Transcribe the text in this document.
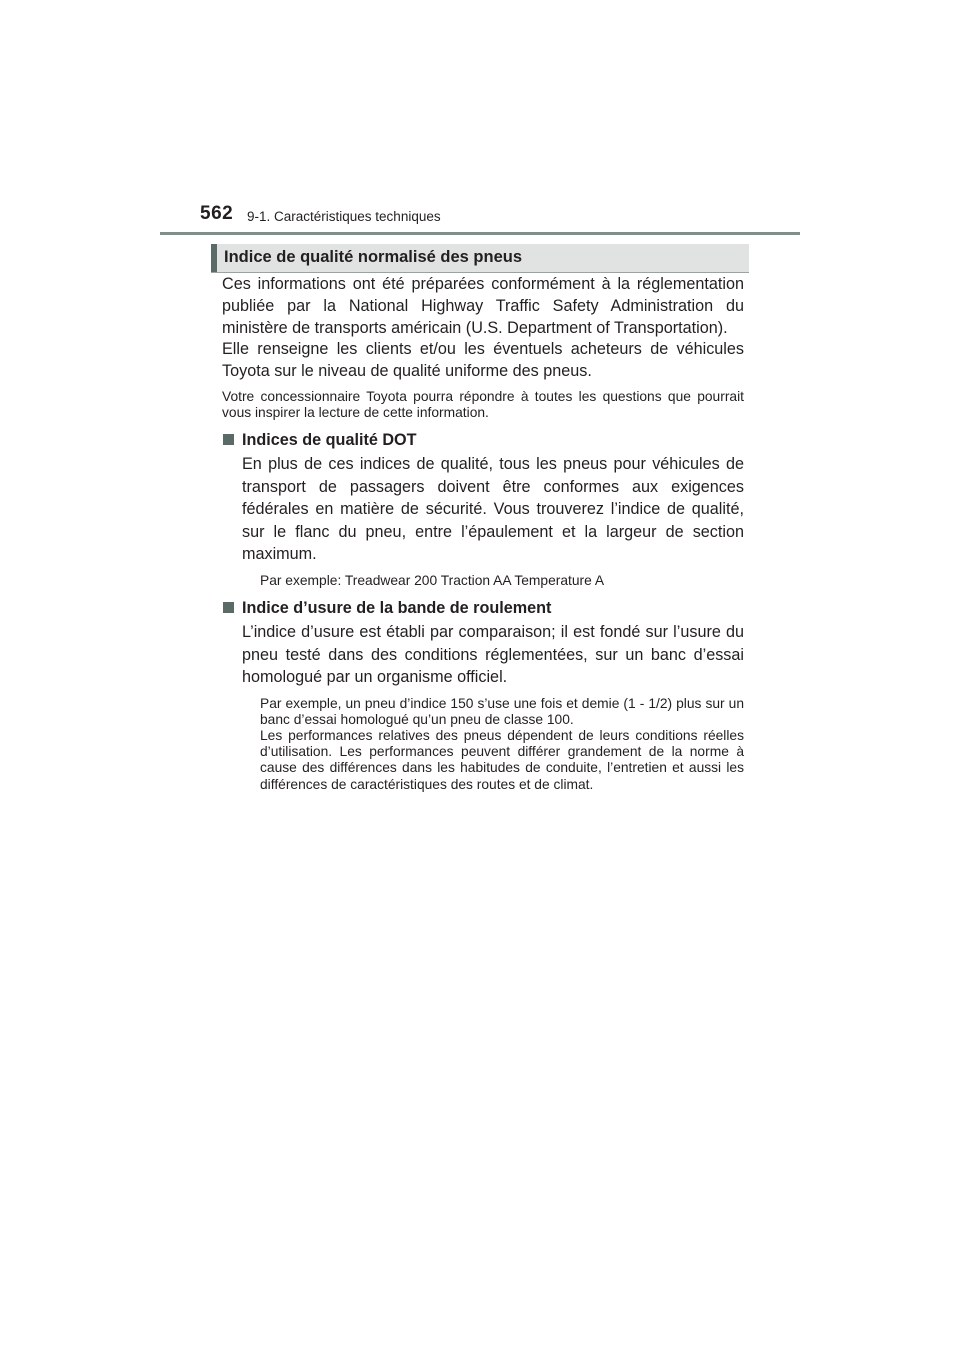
562 9-1. Caractéristiques techniques
Indice de qualité normalisé des pneus

Ces informations ont été préparées conformément à la réglementation publiée par la National Highway Traffic Safety Administration du ministère de transports américain (U.S. Department of Transportation).

Elle renseigne les clients et/ou les éventuels acheteurs de véhicules Toyota sur le niveau de qualité uniforme des pneus.

Votre concessionnaire Toyota pourra répondre à toutes les questions que pourrait vous inspirer la lecture de cette information.

Indices de qualité DOT

En plus de ces indices de qualité, tous les pneus pour véhicules de transport de passagers doivent être conformes aux exigences fédérales en matière de sécurité. Vous trouverez l’indice de qualité, sur le flanc du pneu, entre l’épaulement et la largeur de section maximum.

Par exemple: Treadwear 200 Traction AA Temperature A

Indice d’usure de la bande de roulement

L’indice d’usure est établi par comparaison; il est fondé sur l’usure du pneu testé dans des conditions réglementées, sur un banc d’essai homologué par un organisme officiel.

Par exemple, un pneu d’indice 150 s’use une fois et demie (1 - 1/2) plus sur un banc d’essai homologué qu’un pneu de classe 100.

Les performances relatives des pneus dépendent de leurs conditions réelles d’utilisation. Les performances peuvent différer grandement de la norme à cause des différences dans les habitudes de conduite, l’entretien et aussi les différences de caractéristiques des routes et de climat.
